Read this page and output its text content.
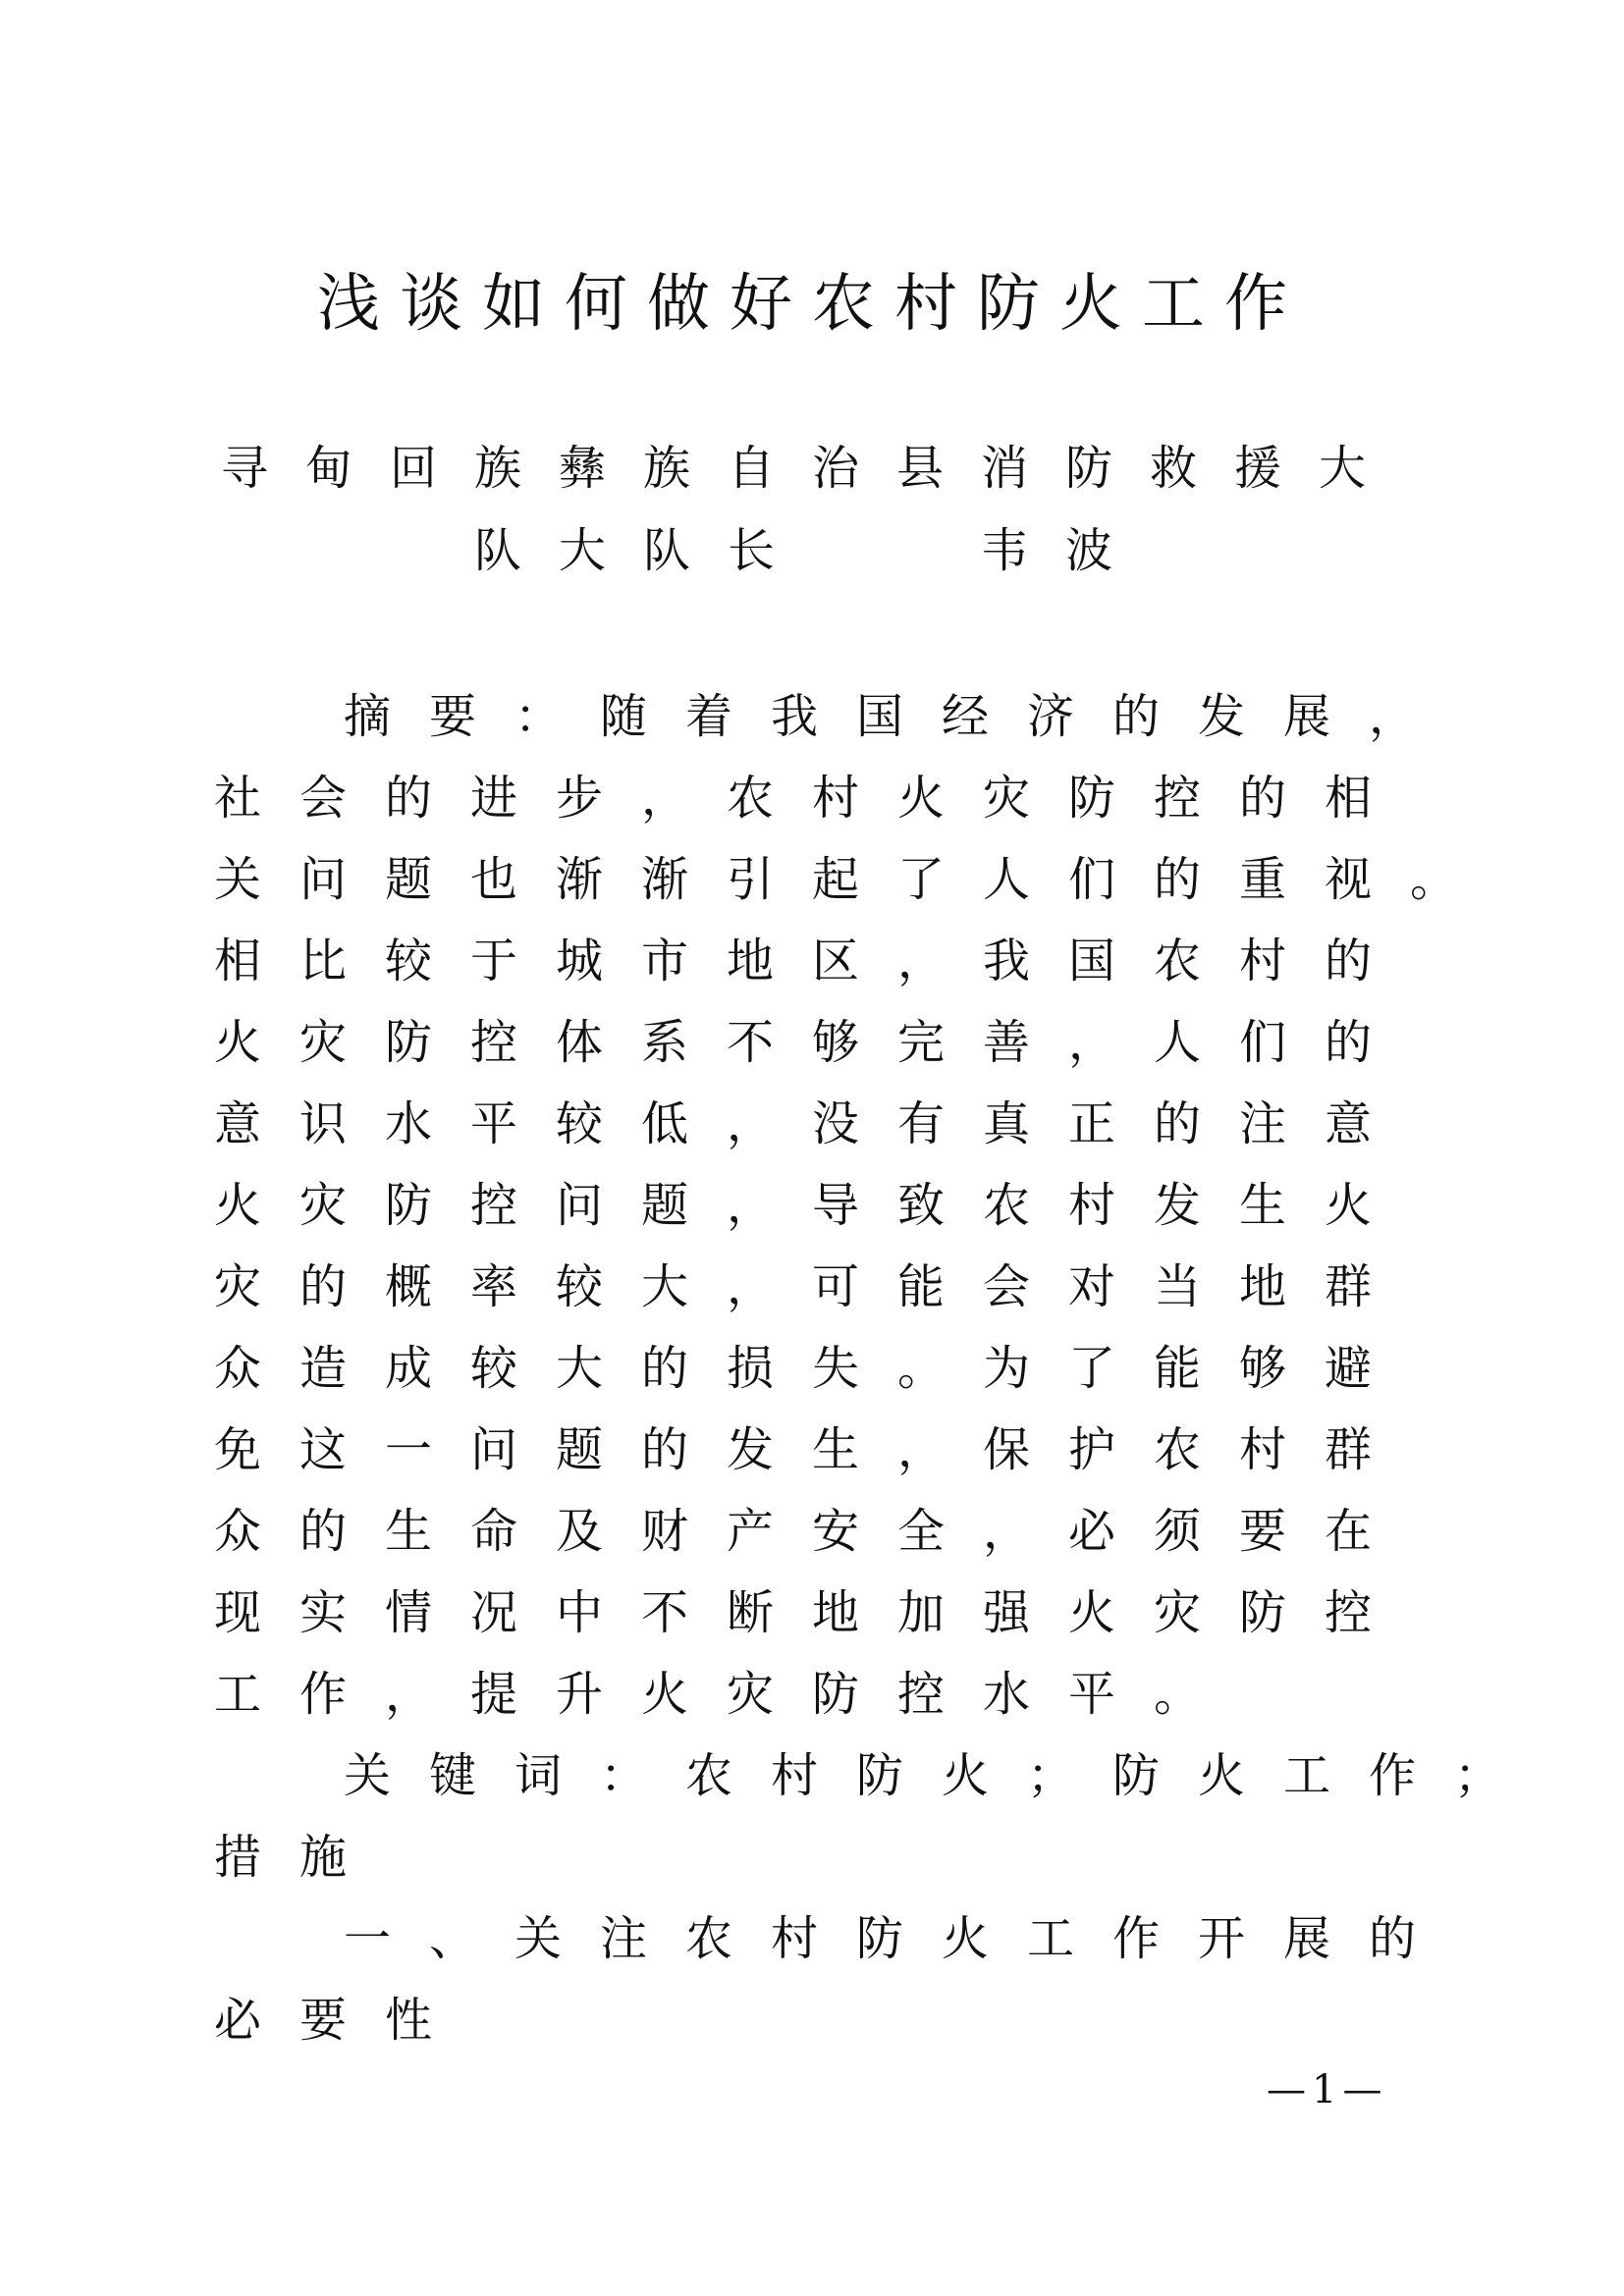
浅谈如何做好农村防火工作
寻甸回族彝族自治县消防救援大
队大队长　　韦波
摘要：随着我国经济的发展，
社会的进步，农村火灾防控的相
关问题也渐渐引起了人们的重视。
相比较于城市地区，我国农村的
火灾防控体系不够完善，人们的
意识水平较低，没有真正的注意
火灾防控问题，导致农村发生火
灾的概率较大，可能会对当地群
众造成较大的损失。为了能够避
免这一问题的发生，保护农村群
众的生命及财产安全，必须要在
现实情况中不断地加强火灾防控
工作，提升火灾防控水平。
关键词：农村防火；防火工作；
措施
一、关注农村防火工作开展的
必要性
—1—
